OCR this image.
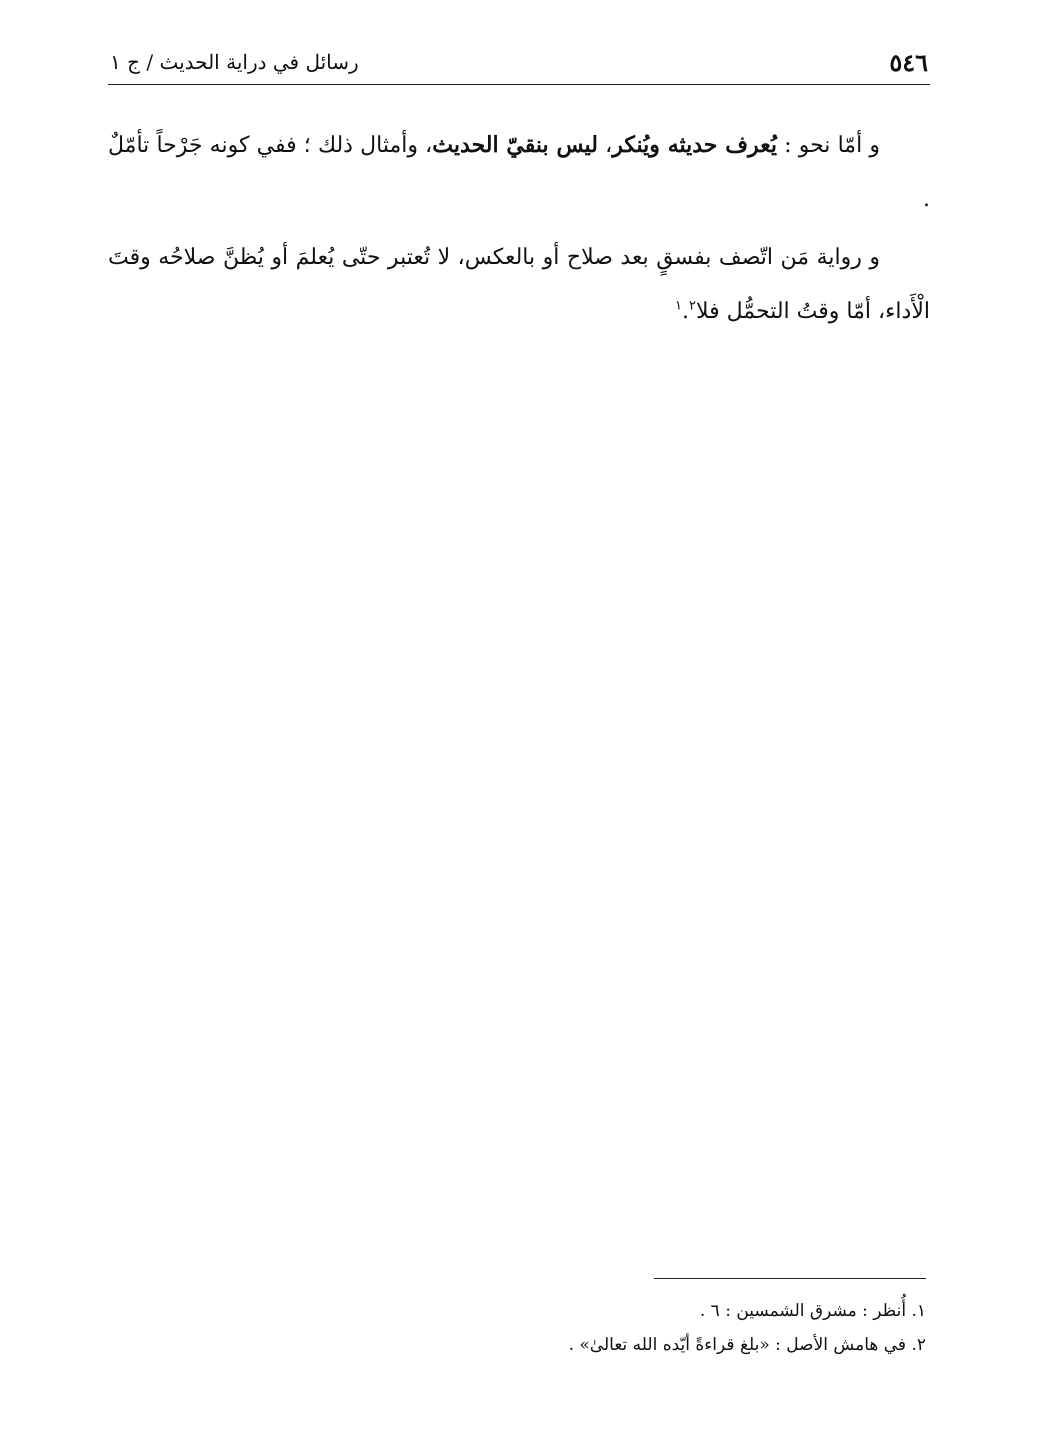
٥٤٦
رسائل في دراية الحديث / ج ١

و أمّا نحو : يُعرف حديثه ويُنكر، ليس بنقيّ الحديث، وأمثال ذلك ؛ ففي كونه جَرْحاً تأمّلٌ .

و رواية مَن اتّصف بفسقٍ بعد صلاح أو بالعكس، لا تُعتبر حتّى يُعلمَ أو يُظنَّ صلاحُه وقتَ الْأَداء، أمّا وقتُ التحمُّل فلا$^١$.$^٢$

١. أُنظر : مشرق الشمسين : ٦ .

٢. في هامش الأصل : «بلغ قراءةً أيّده الله تعالىٰ» .
